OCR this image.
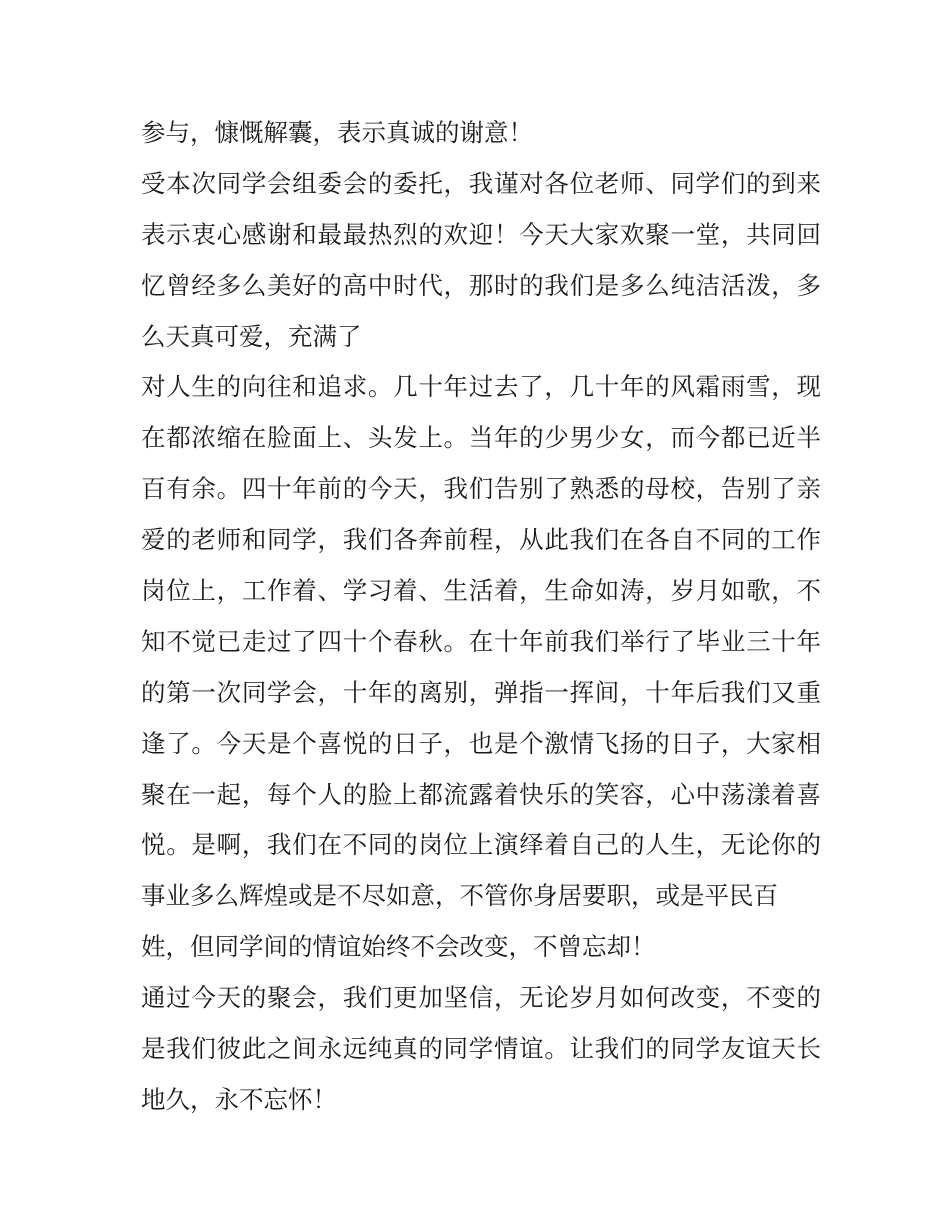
参与，慷慨解囊，表示真诚的谢意！
受本次同学会组委会的委托，我谨对各位老师、同学们的到来
表示衷心感谢和最最热烈的欢迎！今天大家欢聚一堂，共同回
忆曾经多么美好的高中时代，那时的我们是多么纯洁活泼，多
么天真可爱，充满了
对人生的向往和追求。几十年过去了，几十年的风霜雨雪，现
在都浓缩在脸面上、头发上。当年的少男少女，而今都已近半
百有余。四十年前的今天，我们告别了熟悉的母校，告别了亲
爱的老师和同学，我们各奔前程，从此我们在各自不同的工作
岗位上，工作着、学习着、生活着，生命如涛，岁月如歌，不
知不觉已走过了四十个春秋。在十年前我们举行了毕业三十年
的第一次同学会，十年的离别，弹指一挥间，十年后我们又重
逢了。今天是个喜悦的日子，也是个激情飞扬的日子，大家相
聚在一起，每个人的脸上都流露着快乐的笑容，心中荡漾着喜
悦。是啊，我们在不同的岗位上演绎着自己的人生，无论你的
事业多么辉煌或是不尽如意，不管你身居要职，或是平民百
姓，但同学间的情谊始终不会改变，不曾忘却！
通过今天的聚会，我们更加坚信，无论岁月如何改变，不变的
是我们彼此之间永远纯真的同学情谊。让我们的同学友谊天长
地久，永不忘怀！
